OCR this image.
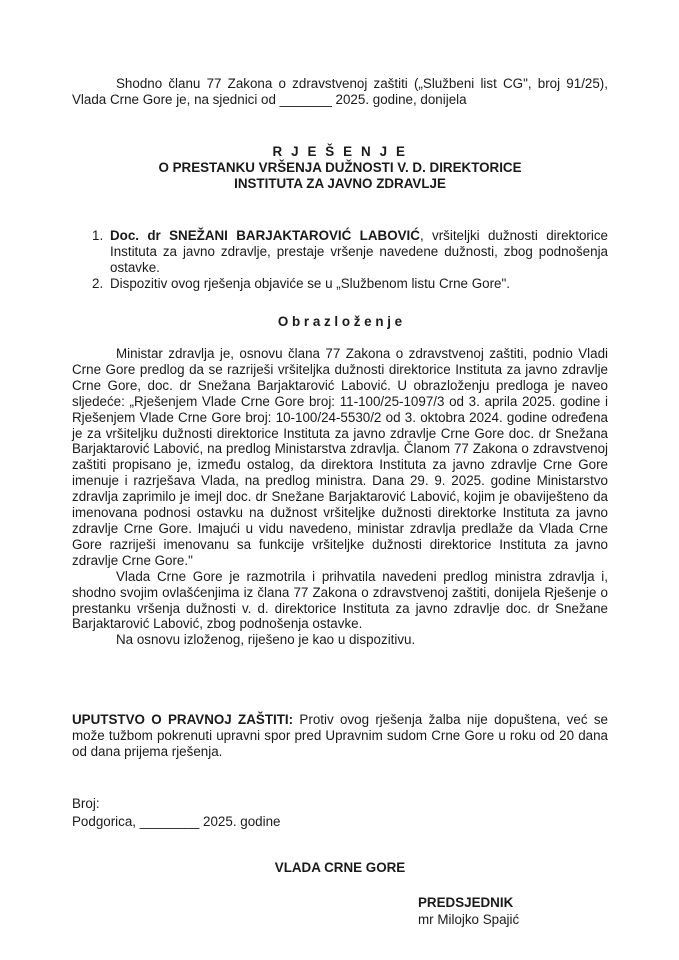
Shodno članu 77 Zakona o zdravstvenoj zaštiti („Službeni list CG", broj 91/25), Vlada Crne Gore je, na sjednici od _______ 2025. godine, donijela

R J E Š E N J E

O PRESTANKU VRŠENJA DUŽNOSTI V. D. DIREKTORICE

INSTITUTA ZA JAVNO ZDRAVLJE

1. Doc. dr SNEŽANI BARJAKTAROVIĆ LABOVIĆ, vršiteljki dužnosti direktorice Instituta za javno zdravlje, prestaje vršenje navedene dužnosti, zbog podnošenja ostavke.
2. Dispozitiv ovog rješenja objaviće se u „Službenom listu Crne Gore".

O b r a z l o ž e n j e

Ministar zdravlja je, osnovu člana 77 Zakona o zdravstvenoj zaštiti, podnio Vladi Crne Gore predlog da se razriješi vršiteljka dužnosti direktorice Instituta za javno zdravlje Crne Gore, doc. dr Snežana Barjaktarović Labović. U obrazloženju predloga je naveo sljedeće: „Rješenjem Vlade Crne Gore broj: 11-100/25-1097/3 od 3. aprila 2025. godine i Rješenjem Vlade Crne Gore broj: 10-100/24-5530/2 od 3. oktobra 2024. godine određena je za vršiteljku dužnosti direktorice Instituta za javno zdravlje Crne Gore doc. dr Snežana Barjaktarović Labović, na predlog Ministarstva zdravlja. Članom 77 Zakona o zdravstvenoj zaštiti propisano je, između ostalog, da direktora Instituta za javno zdravlje Crne Gore imenuje i razrješava Vlada, na predlog ministra. Dana 29. 9. 2025. godine Ministarstvo zdravlja zaprimilo je imejl doc. dr Snežane Barjaktarović Labović, kojim je obaviješteno da imenovana podnosi ostavku na dužnost vršiteljke dužnosti direktorke Instituta za javno zdravlje Crne Gore. Imajući u vidu navedeno, ministar zdravlja predlaže da Vlada Crne Gore razriješi imenovanu sa funkcije vršiteljke dužnosti direktorice Instituta za javno zdravlje Crne Gore."

Vlada Crne Gore je razmotrila i prihvatila navedeni predlog ministra zdravlja i, shodno svojim ovlašćenjima iz člana 77 Zakona o zdravstvenoj zaštiti, donijela Rješenje o prestanku vršenja dužnosti v. d. direktorice Instituta za javno zdravlje doc. dr Snežane Barjaktarović Labović, zbog podnošenja ostavke.

Na osnovu izloženog, riješeno je kao u dispozitivu.

UPUTSTVO O PRAVNOJ ZAŠTITI: Protiv ovog rješenja žalba nije dopuštena, već se može tužbom pokrenuti upravni spor pred Upravnim sudom Crne Gore u roku od 20 dana od dana prijema rješenja.

Broj:

Podgorica, ________ 2025. godine

VLADA CRNE GORE

PREDSJEDNIK

mr Milojko Spajić
